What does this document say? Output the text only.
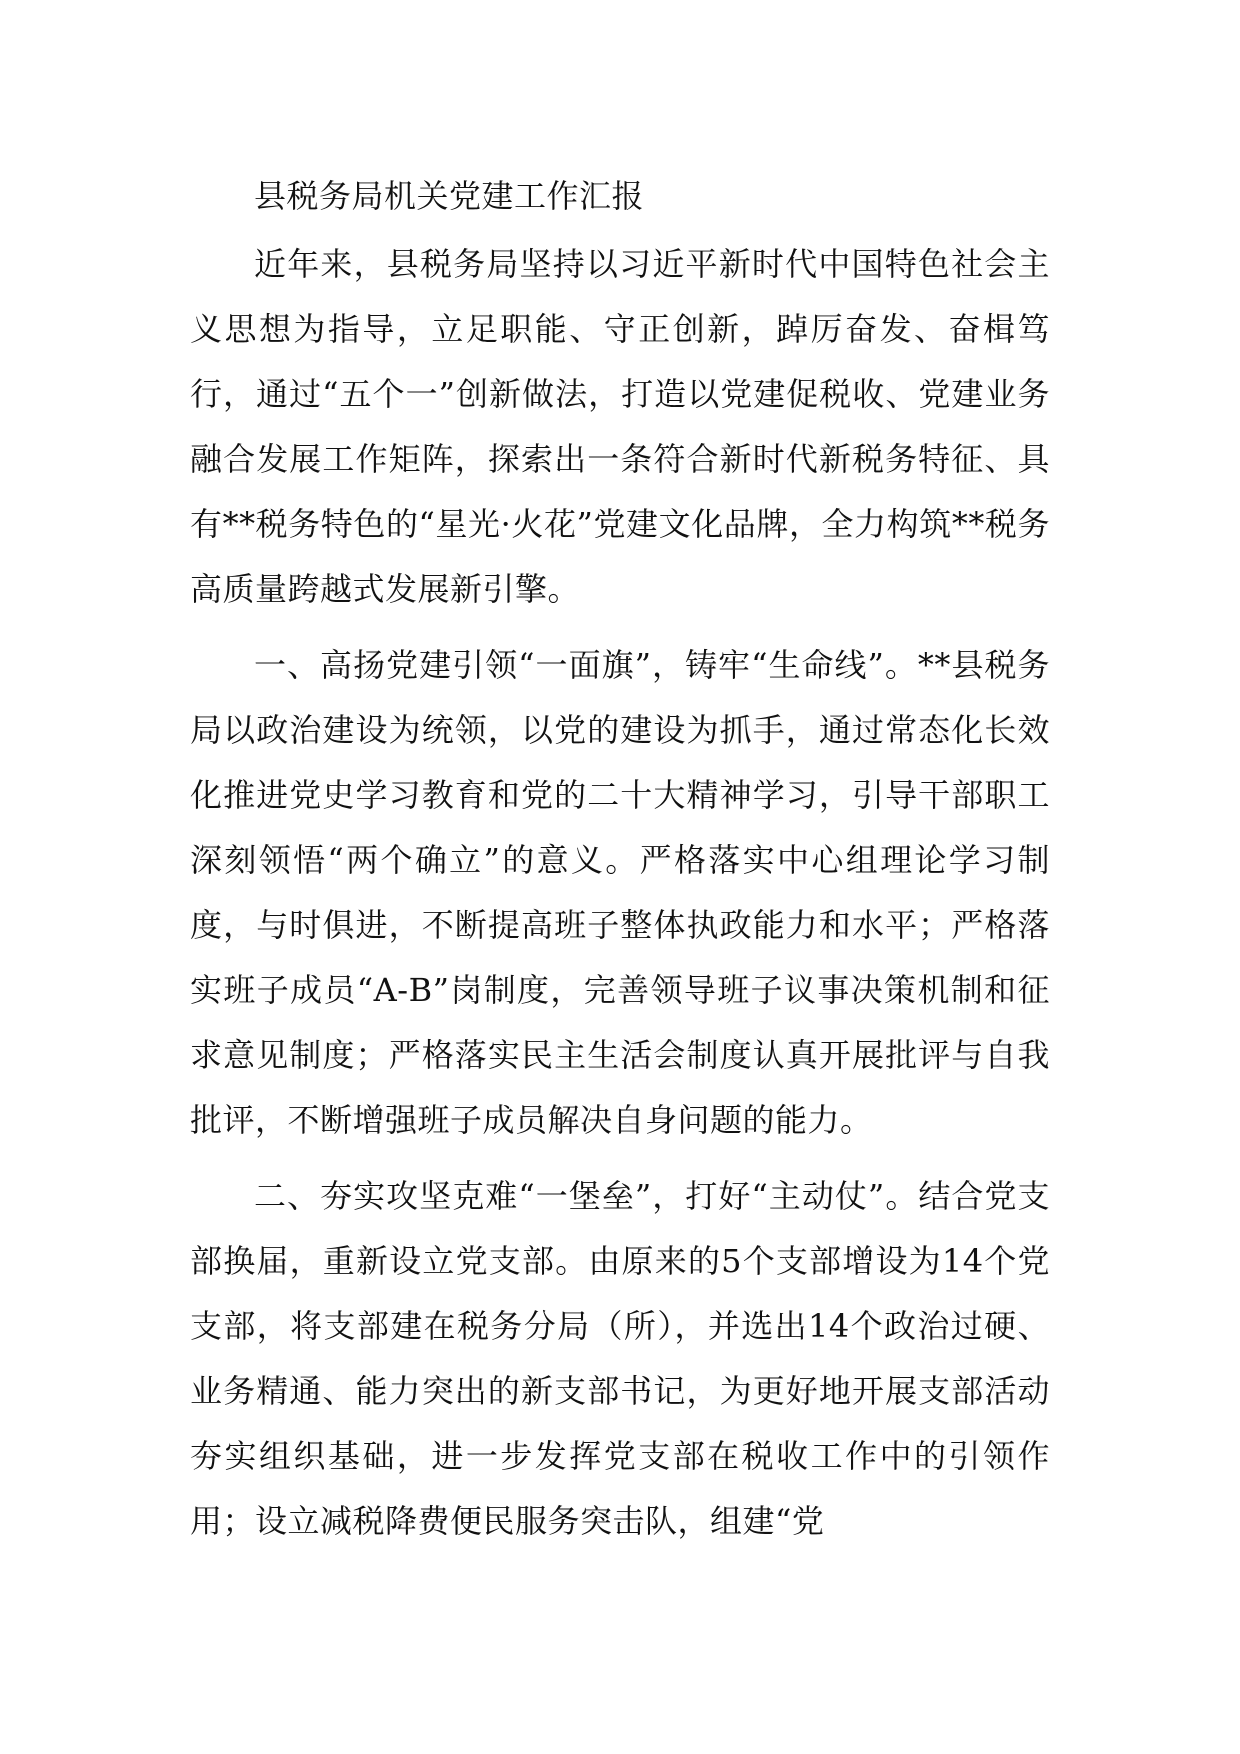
县税务局机关党建工作汇报

近年来，县税务局坚持以习近平新时代中国特色社会主义思想为指导，立足职能、守正创新，踔厉奋发、奋楫笃行，通过“五个一”创新做法，打造以党建促税收、党建业务融合发展工作矩阵，探索出一条符合新时代新税务特征、具有**税务特色的“星光·火花”党建文化品牌，全力构筑**税务高质量跨越式发展新引擎。

一、高扬党建引领“一面旗”，铸牢“生命线”。**县税务局以政治建设为统领，以党的建设为抓手，通过常态化长效化推进党史学习教育和党的二十大精神学习，引导干部职工深刻领悟“两个确立”的意义。严格落实中心组理论学习制度，与时俱进，不断提高班子整体执政能力和水平；严格落实班子成员“A-B”岗制度，完善领导班子议事决策机制和征求意见制度；严格落实民主生活会制度认真开展批评与自我批评，不断增强班子成员解决自身问题的能力。

二、夯实攻坚克难“一堡垒”，打好“主动仗”。结合党支部换届，重新设立党支部。由原来的5个支部增设为14个党支部，将支部建在税务分局（所），并选出14个政治过硬、业务精通、能力突出的新支部书记，为更好地开展支部活动夯实组织基础，进一步发挥党支部在税收工作中的引领作用；设立减税降费便民服务突击队，组建“党
